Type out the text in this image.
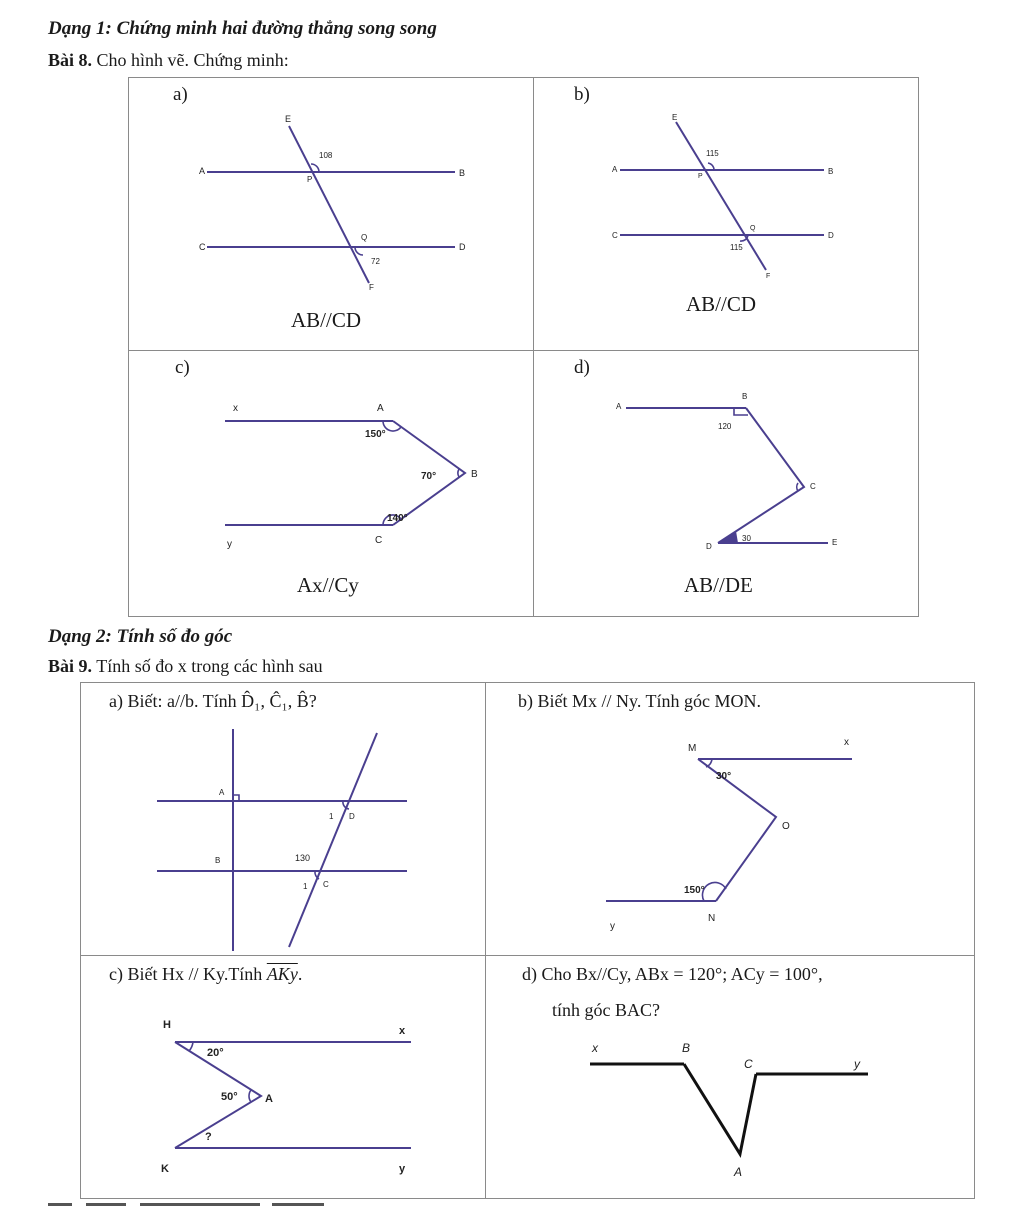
Dạng 1: Chứng minh hai đường thẳng song song
Bài 8. Cho hình vẽ. Chứng minh:
a)
E
A	B
P
C
Q
D
F
108
72
AB//CD
b)
E
A	B
P
C
Q
D
F
115
115
AB//CD
c)
x	A
B
y	C
150°
70°
140°
Ax//Cy
d)
A
B
C
D	E
120
30
AB//DE
Dạng 2: Tính số đo góc
Bài 9. Tính số đo x trong các hình sau
a) Biết: a//b. Tính D̂₁, Ĉ₁, B̂?
A
B
D
C
1
1
130
b) Biết Mx // Ny. Tính góc MON.
M
x
O
y
N
30°
150°
c) Biết Hx // Ky.Tính $\overline{AKy}$.
H	x
A
K	y
20°
50°
?
d) Cho Bx//Cy, ABx = 120°; ACy = 100°,
tính góc BAC?
x	B
C	y
A
